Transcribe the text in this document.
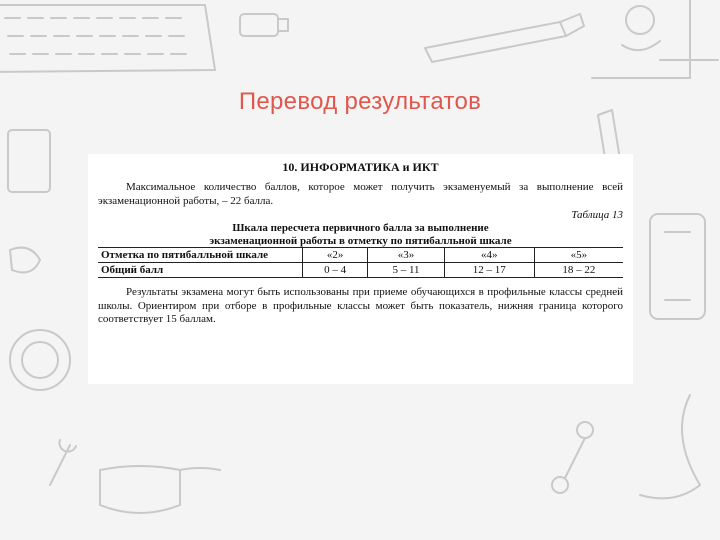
Перевод результатов
10. ИНФОРМАТИКА и ИКТ

Максимальное количество баллов, которое может получить экзаменуемый за выполнение всей экзаменационной работы, – 22 балла.

Таблица 13
Шкала пересчета первичного балла за выполнение
экзаменационной работы в отметку по пятибалльной шкале
Отметка по пятибалльной шкале	«2»	«3»	«4»	«5»
Общий балл	0 – 4	5 – 11	12 – 17	18 – 22

Результаты экзамена могут быть использованы при приеме обучающихся в профильные классы средней школы. Ориентиром при отборе в профильные классы может быть показатель, нижняя граница которого соответствует 15 баллам.
